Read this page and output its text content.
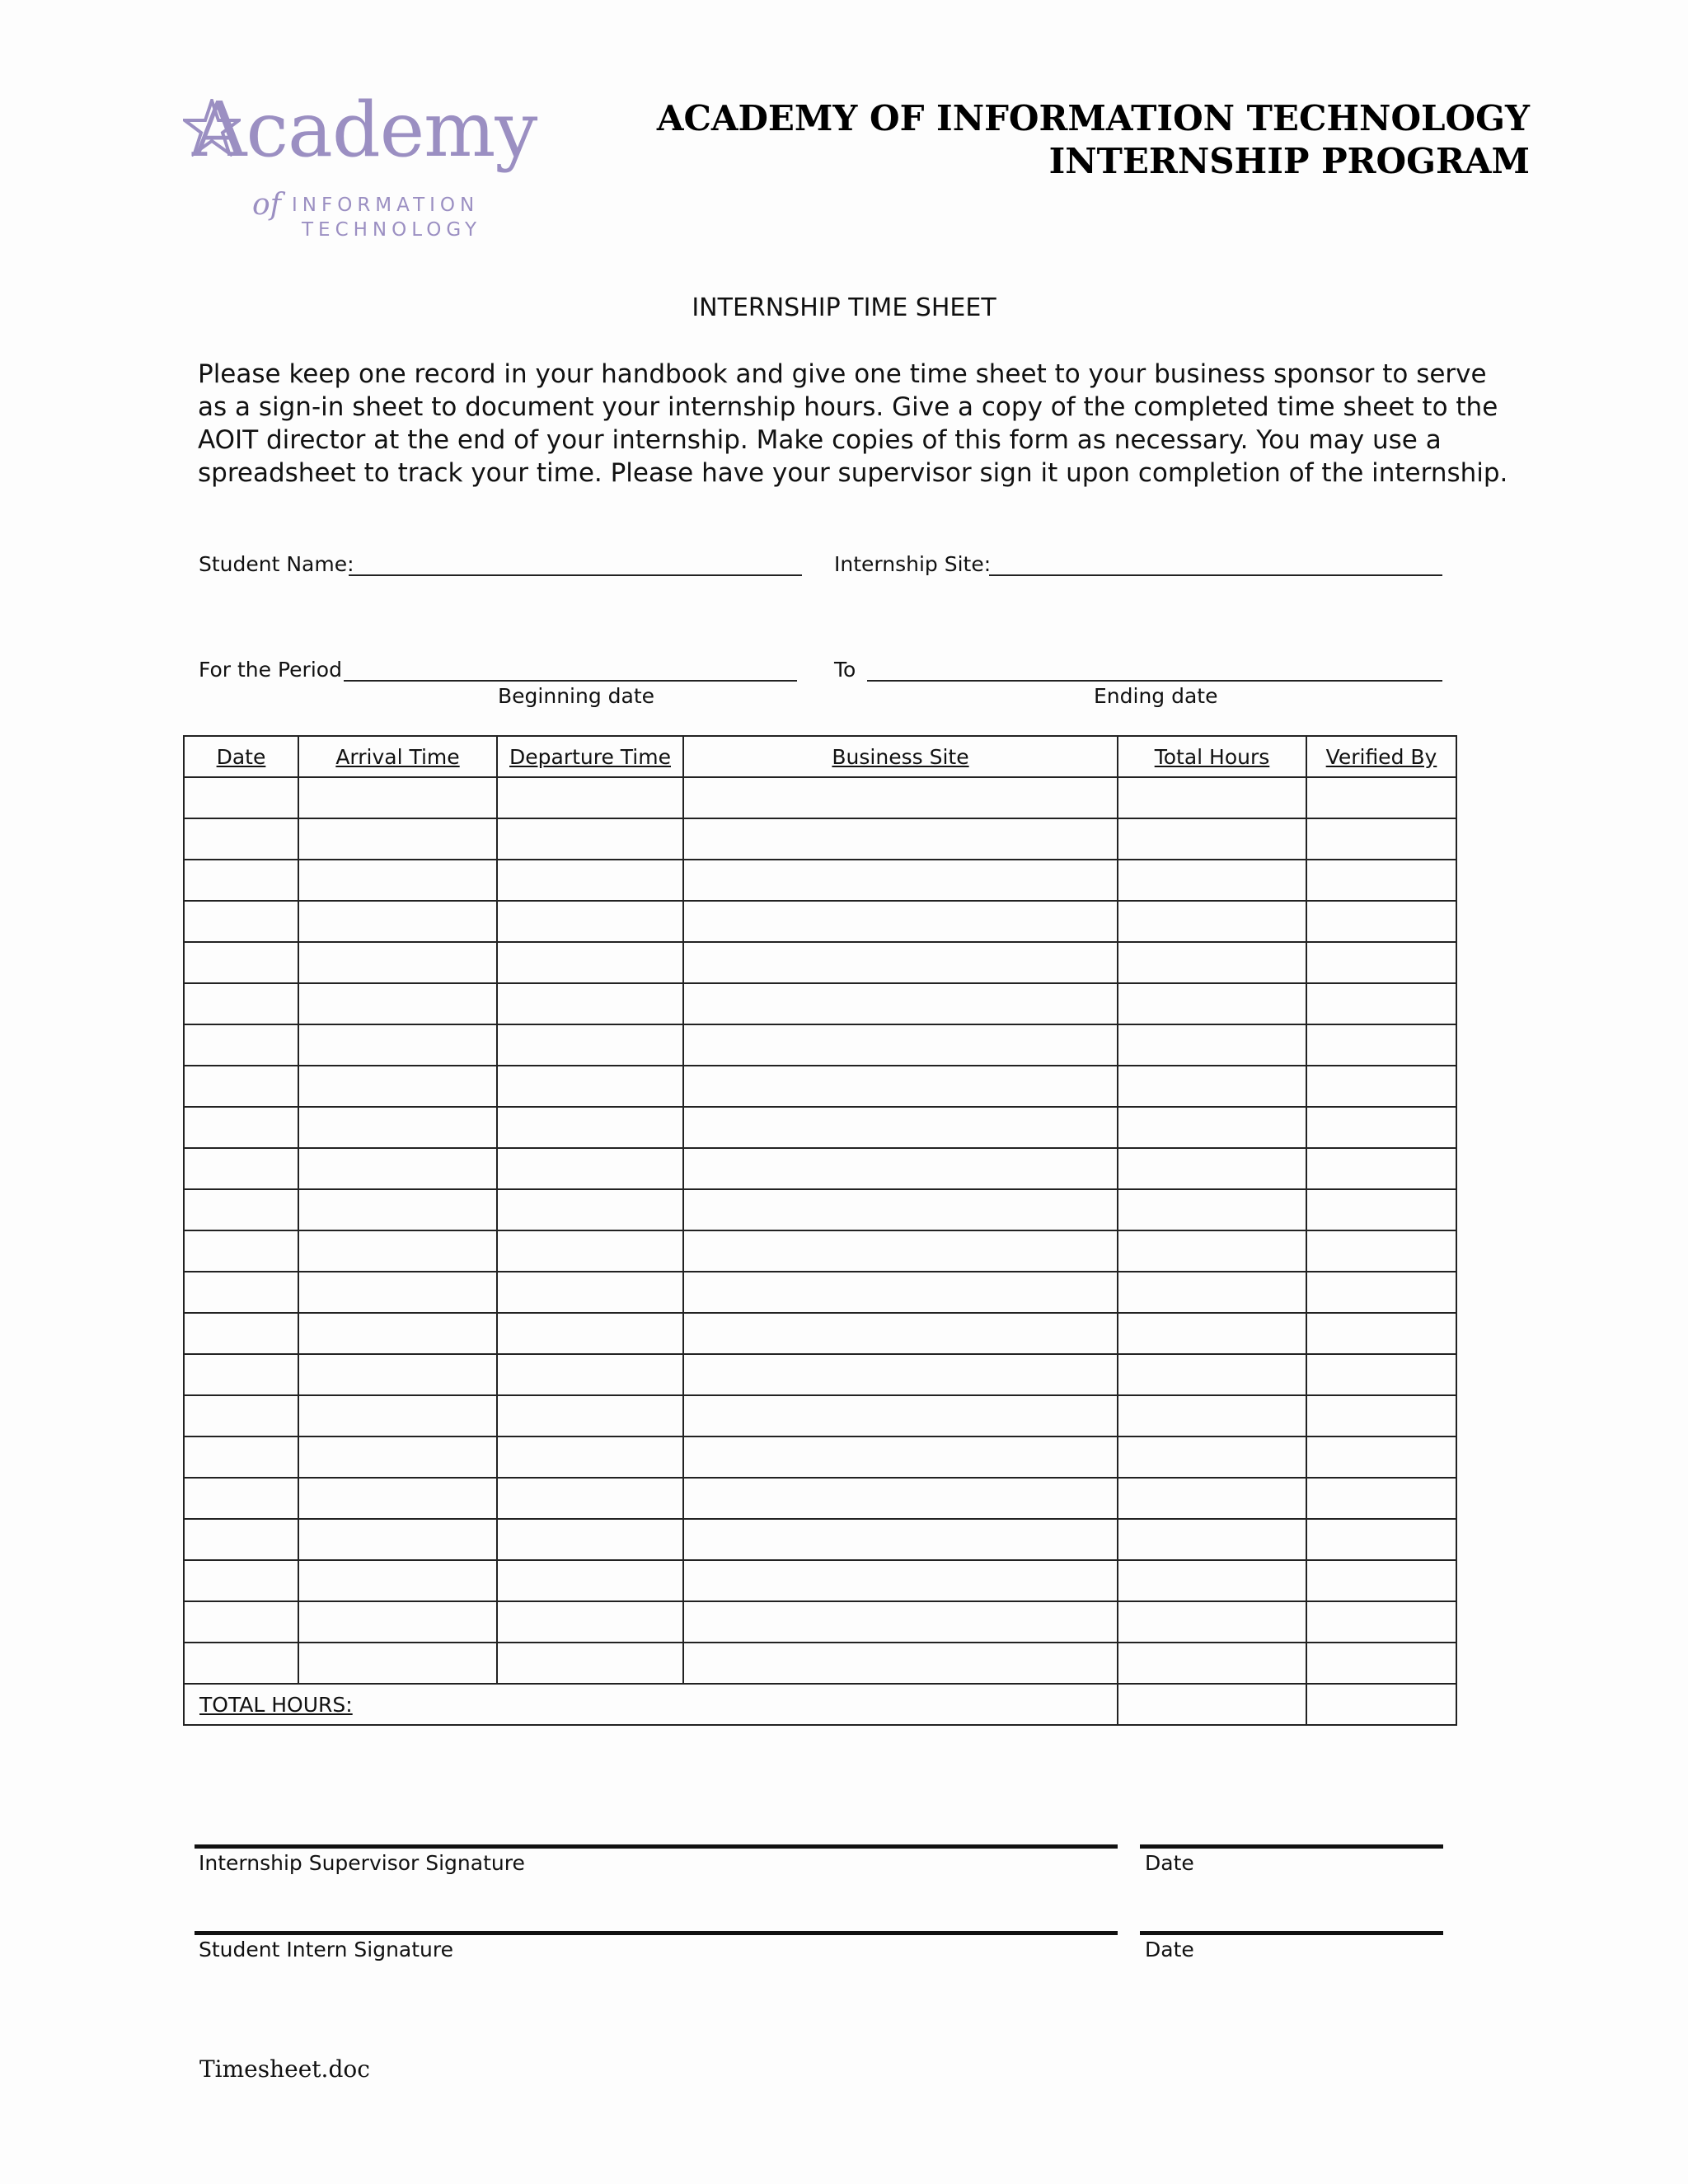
Academy
of INFORMATION
TECHNOLOGY
ACADEMY OF INFORMATION TECHNOLOGY
INTERNSHIP PROGRAM
INTERNSHIP TIME SHEET
Please keep one record in your handbook and give one time sheet to your business sponsor to serve as a sign-in sheet to document your internship hours. Give a copy of the completed time sheet to the AOIT director at the end of your internship. Make copies of this form as necessary. You may use a spreadsheet to track your time. Please have your supervisor sign it upon completion of the internship.
Student Name:	Internship Site:
For the Period
Beginning date
To
Ending date
Date	Arrival Time	Departure Time	Business Site	Total Hours	Verified By

TOTAL HOURS:					
Internship Supervisor Signature	Date
Student Intern Signature	Date
Timesheet.doc
